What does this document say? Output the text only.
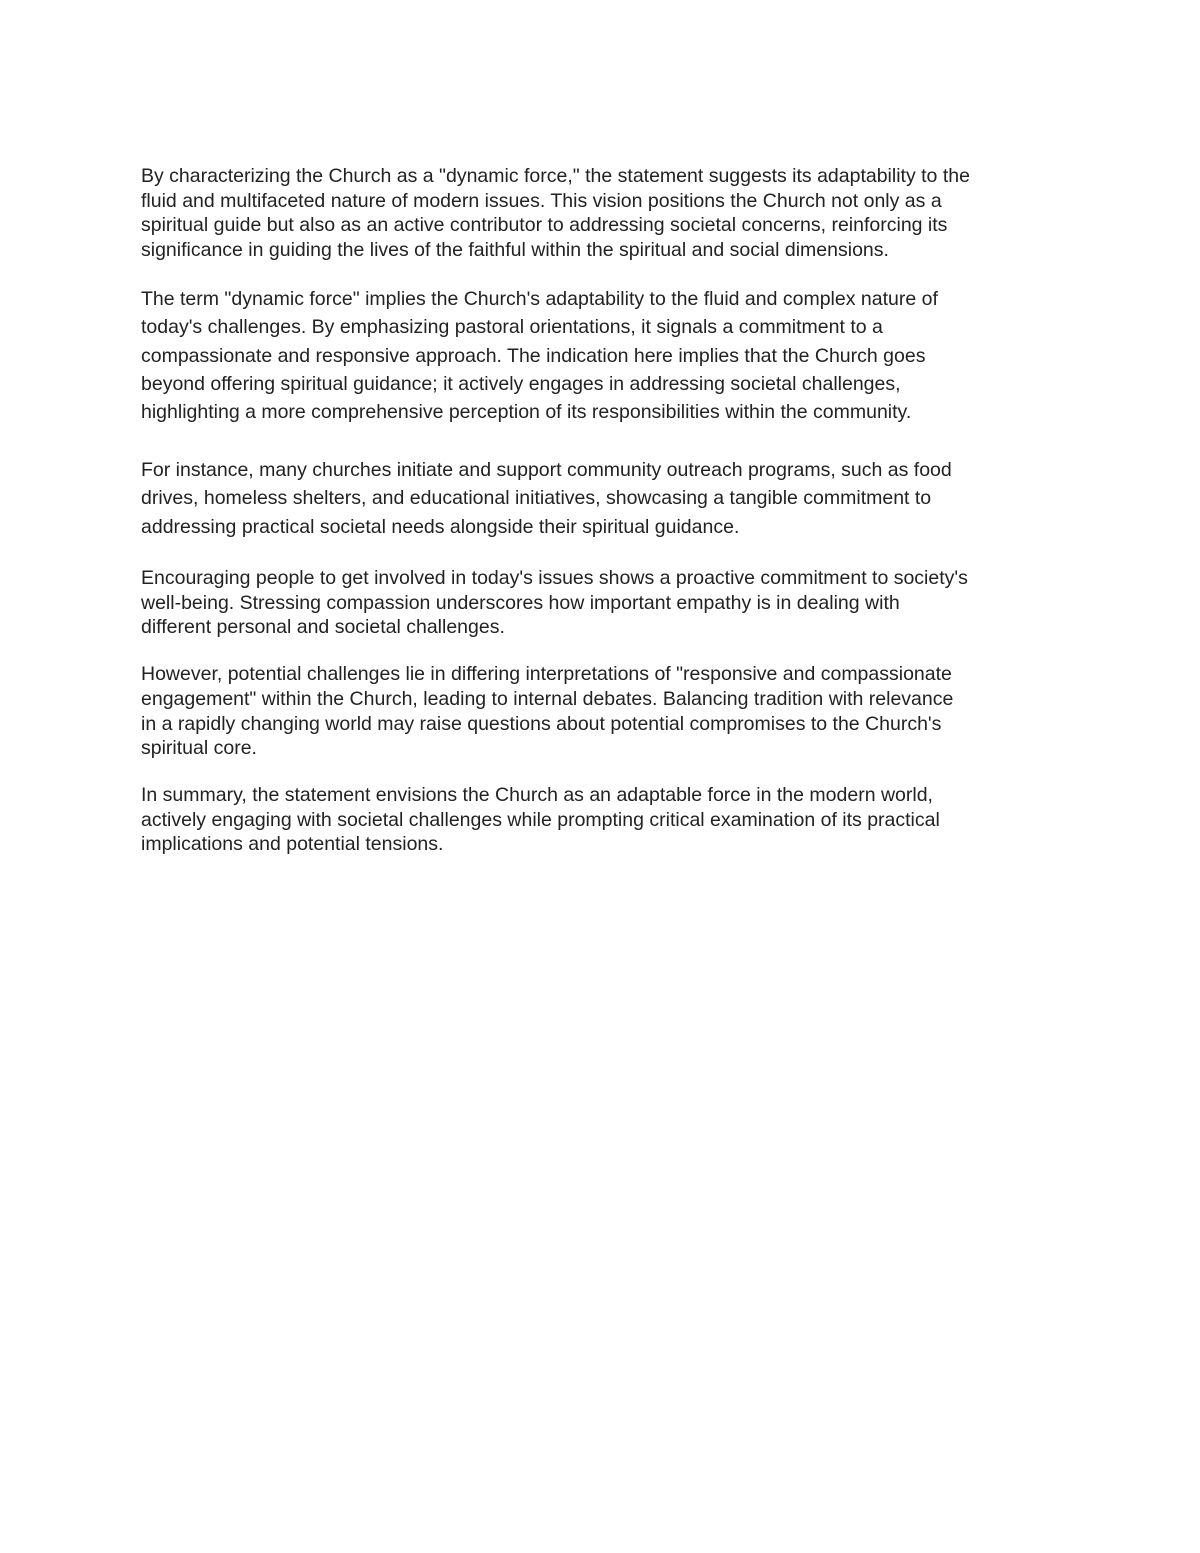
By characterizing the Church as a "dynamic force," the statement suggests its adaptability to the
fluid and multifaceted nature of modern issues. This vision positions the Church not only as a
spiritual guide but also as an active contributor to addressing societal concerns, reinforcing its
significance in guiding the lives of the faithful within the spiritual and social dimensions.

The term "dynamic force" implies the Church's adaptability to the fluid and complex nature of
today's challenges. By emphasizing pastoral orientations, it signals a commitment to a
compassionate and responsive approach. The indication here implies that the Church goes
beyond offering spiritual guidance; it actively engages in addressing societal challenges,
highlighting a more comprehensive perception of its responsibilities within the community.

For instance, many churches initiate and support community outreach programs, such as food
drives, homeless shelters, and educational initiatives, showcasing a tangible commitment to
addressing practical societal needs alongside their spiritual guidance.

Encouraging people to get involved in today's issues shows a proactive commitment to society's
well-being. Stressing compassion underscores how important empathy is in dealing with
different personal and societal challenges.

However, potential challenges lie in differing interpretations of "responsive and compassionate
engagement" within the Church, leading to internal debates. Balancing tradition with relevance
in a rapidly changing world may raise questions about potential compromises to the Church's
spiritual core.

In summary, the statement envisions the Church as an adaptable force in the modern world,
actively engaging with societal challenges while prompting critical examination of its practical
implications and potential tensions.
